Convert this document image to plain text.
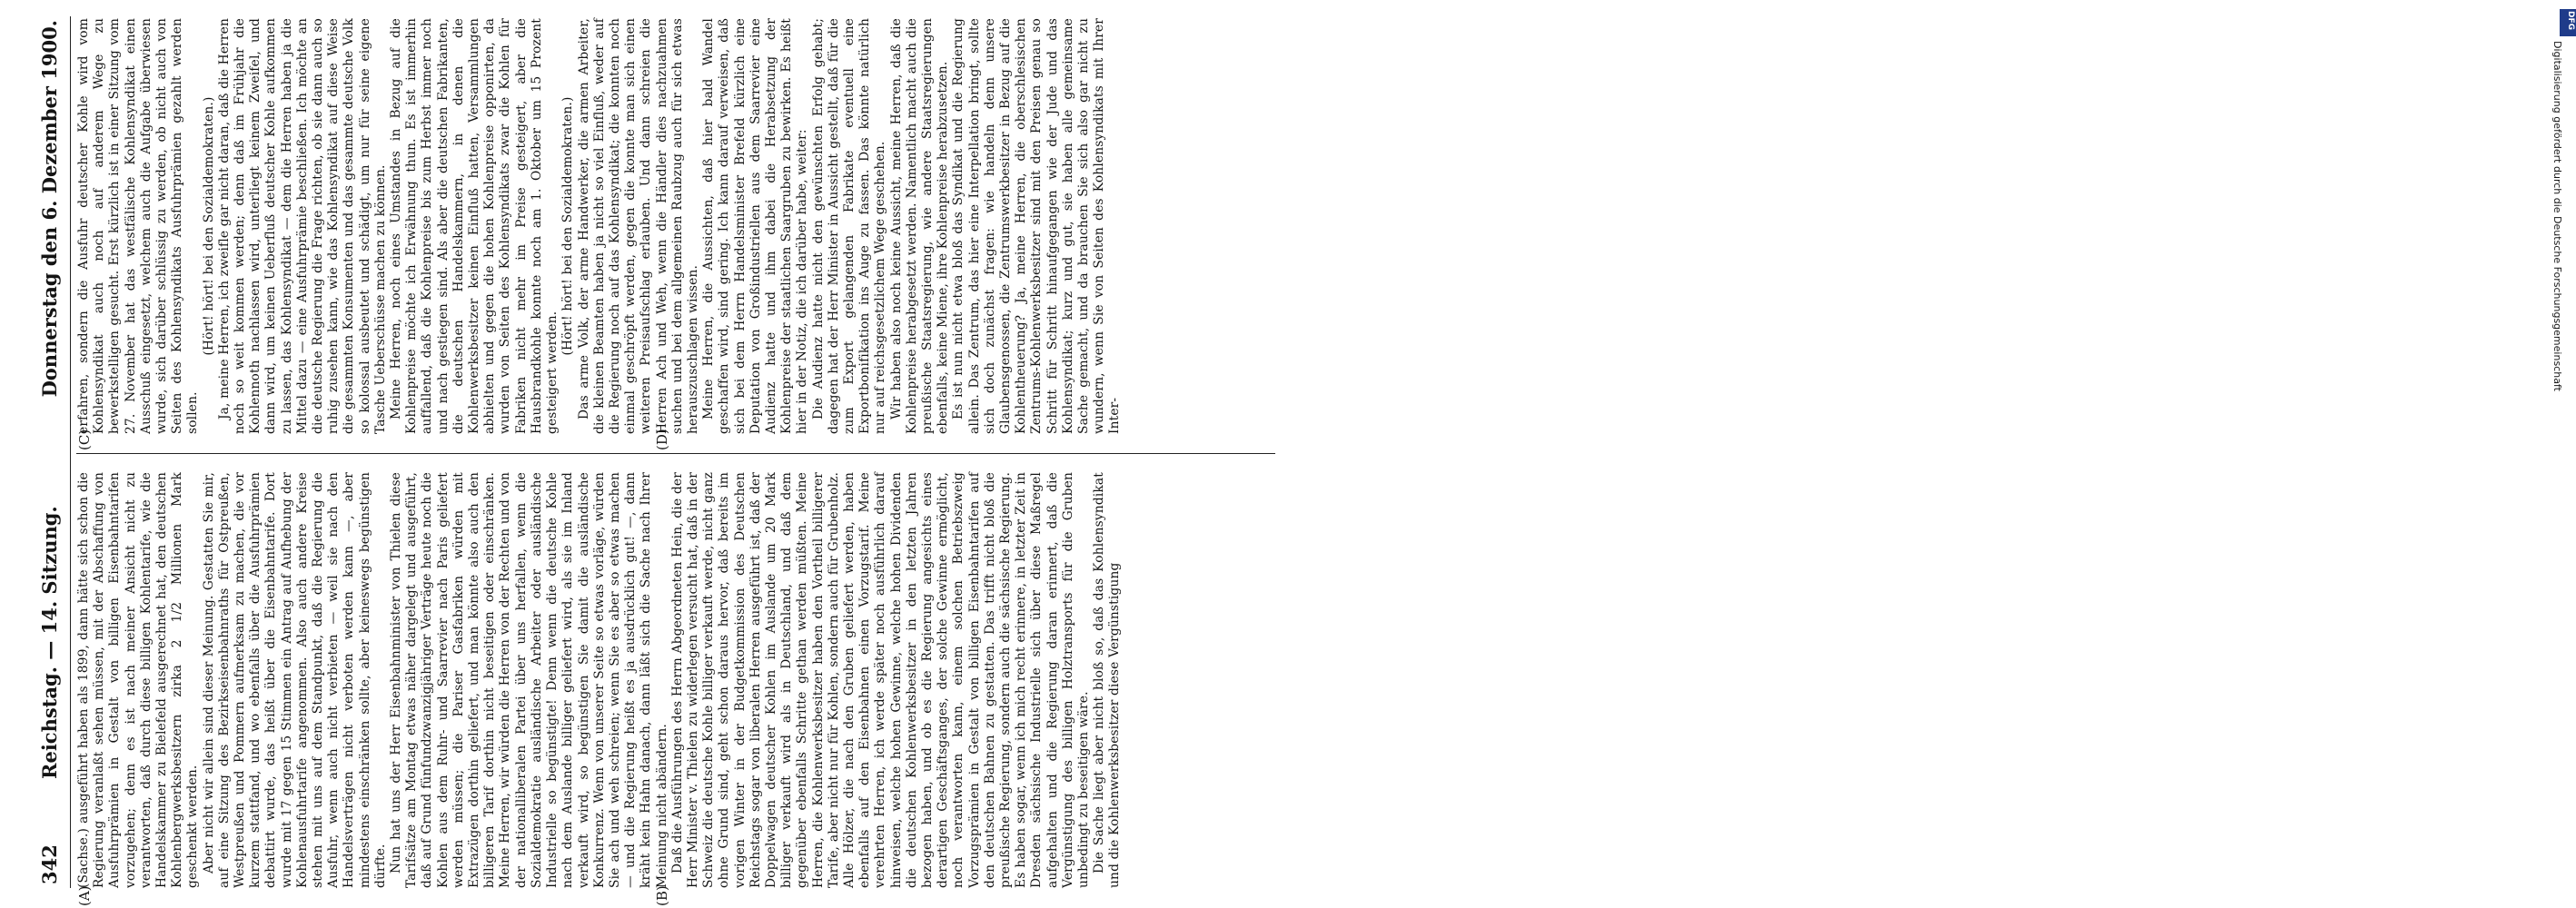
342
Reichstag. — 14. Sitzung.
Donnerstag den 6. Dezember 1900.
(A)	(B)
(D)
(C)

(Sachse.) ausgeführt haben als 1899, dann hätte sich schon die Regierung veranlaßt sehen müssen, mit der Abschaffung von Ausfuhrprämien in Gestalt von billigen Eisenbahntarifen vorzugehen; denn es ist nach meiner Ansicht nicht zu verantworten, daß durch diese billigen Kohlentarife, wie die Handelskammer zu Bielefeld ausgerechnet hat, den deutschen Kohlenbergwerksbesitzern zirka 2 1/2 Millionen Mark geschenkt werden. Aber nicht wir allein sind dieser Meinung. Gestatten Sie mir, auf eine Sitzung des Bezirkseisenbahnraths für Ostpreußen, Westpreußen und Pommern aufmerksam zu machen, die vor kurzem stattfand, und wo ebenfalls über die Ausfuhrprämien debattirt wurde, das heißt über die Eisenbahntarife. Dort wurde mit 17 gegen 15 Stimmen ein Antrag auf Aufhebung der Kohlenausfuhrtarife angenommen. Also auch andere Kreise stehen mit uns auf dem Standpunkt, daß die Regierung die Ausfuhr, wenn auch nicht verbieten — weil sie nach den Handelsverträgen nicht verboten werden kann —, aber mindestens einschränken sollte, aber keineswegs begünstigen dürfte. Nun hat uns der Herr Eisenbahnminister von Thielen diese Tarifsätze am Montag etwas näher dargelegt und ausgeführt, daß auf Grund fünfundzwanzigjähriger Verträge heute noch die Kohlen aus dem Ruhr- und Saarrevier nach Paris geliefert werden müssen; die Pariser Gasfabriken würden mit Extrazügen dorthin geliefert, und man könnte also auch den billigeren Tarif dorthin nicht beseitigen oder einschränken. Meine Herren, wir würden die Herren von der Rechten und von der nationalliberalen Partei über uns herfallen, wenn die Sozialdemokratie ausländische Arbeiter oder ausländische Industrielle so begünstigte! Denn wenn die deutsche Kohle nach dem Auslande billiger geliefert wird, als sie im Inland verkauft wird, so begünstigen Sie damit die ausländische Konkurrenz. Wenn von unserer Seite so etwas vorläge, würden Sie ach und weh schreien; wenn Sie es aber so etwas machen — und die Regierung heißt es ja ausdrücklich gut! —, dann kräht kein Hahn danach, dann läßt sich die Sache nach Ihrer Meinung nicht abändern. Daß die Ausführungen des Herrn Abgeordneten Hein, die der Herr Minister v. Thielen zu widerlegen versucht hat, daß in der Schweiz die deutsche Kohle billiger verkauft werde, nicht ganz ohne Grund sind, geht schon daraus hervor, daß bereits im vorigen Winter in der Budgetkommission des Deutschen Reichstags sogar von liberalen Herren ausgeführt ist, daß der Doppelwagen deutscher Kohlen im Auslande um 20 Mark billiger verkauft wird als in Deutschland, und daß dem gegenüber ebenfalls Schritte gethan werden müßten. Meine Herren, die Kohlenwerksbesitzer haben den Vortheil billigerer Tarife, aber nicht nur für Kohlen, sondern auch für Grubenholz. Alle Hölzer, die nach den Gruben geliefert werden, haben ebenfalls auf den Eisenbahnen einen Vorzugstarif. Meine verehrten Herren, ich werde später noch ausführlich darauf hinweisen, welche hohen Gewinne, welche hohen Dividenden die deutschen Kohlenwerksbesitzer in den letzten Jahren bezogen haben, und ob es die Regierung angesichts eines derartigen Geschäftsganges, der solche Gewinne ermöglicht, noch verantworten kann, einem solchen Betriebszweig Vorzugsprämien in Gestalt von billigen Eisenbahntarifen auf den deutschen Bahnen zu gestatten. Das trifft nicht bloß die preußische Regierung, sondern auch die sächsische Regierung. Es haben sogar, wenn ich mich recht erinnere, in letzter Zeit in Dresden sächsische Industrielle sich über diese Maßregel aufgehalten und die Regierung daran erinnert, daß die Vergünstigung des billigen Holztransports für die Gruben unbedingt zu beseitigen wäre. Die Sache liegt aber nicht bloß so, daß das Kohlensyndikat und die Kohlenwerksbesitzer diese Vergünstigung

erfahren, sondern die Ausfuhr deutscher Kohle wird vom Kohlensyndikat auch noch auf anderem Wege zu bewerkstelligen gesucht. Erst kürzlich ist in einer Sitzung vom 27. November hat das westfälische Kohlensyndikat einen Ausschuß eingesetzt, welchem auch die Aufgabe überwiesen wurde, sich darüber schlüssig zu werden, ob nicht auch von Seiten des Kohlensyndikats Ausfuhrprämien gezahlt werden sollen.

(Hört! hört! bei den Sozialdemokraten.) Ja, meine Herren, ich zweifle gar nicht daran, daß die Herren noch so weit kommen werden; denn daß im Frühjahr die Kohlennoth nachlassen wird, unterliegt keinem Zweifel, und dann wird, um keinen Ueberfluß deutscher Kohle aufkommen zu lassen, das Kohlensyndikat — dem die Herren haben ja die Mittel dazu — eine Ausfuhrprämie beschließen. Ich möchte an die deutsche Regierung die Frage richten, ob sie dann auch so ruhig zusehen kann, wie das Kohlensyndikat auf diese Weise die gesammten Konsumenten und das gesammte deutsche Volk so kolossal ausbeutet und schädigt, um nur für seine eigene Tasche Ueberschüsse machen zu können. Meine Herren, noch eines Umstandes in Bezug auf die Kohlenpreise möchte ich Erwähnung thun. Es ist immerhin auffallend, daß die Kohlenpreise bis zum Herbst immer noch und nach gestiegen sind. Als aber die deutschen Fabrikanten, die deutschen Handelskammern, in denen die Kohlenwerksbesitzer keinen Einfluß hatten, Versammlungen abhielten und gegen die hohen Kohlenpreise opponirten, da wurden von Seiten des Kohlensyndikats zwar die Kohlen für Fabriken nicht mehr im Preise gesteigert, aber die Hausbrandkohle konnte noch am 1. Oktober um 15 Prozent gesteigert werden.

(Hört! hört! bei den Sozialdemokraten.) Das arme Volk, der arme Handwerker, die armen Arbeiter, die kleinen Beamten haben ja nicht so viel Einfluß, weder auf die Regierung noch auf das Kohlensyndikat; die konnten noch einmal geschröpft werden, gegen die konnte man sich einen weiteren Preisaufschlag erlauben. Und dann schreien die Herren Ach und Weh, wenn die Händler dies nachzuahmen suchen und bei dem allgemeinen Raubzug auch für sich etwas herauszuschlagen wissen. Meine Herren, die Aussichten, daß hier bald Wandel geschaffen wird, sind gering. Ich kann darauf verweisen, daß sich bei dem Herrn Handelsminister Brefeld kürzlich eine Deputation von Großindustriellen aus dem Saarrevier eine Audienz hatte und ihm dabei die Herabsetzung der Kohlenpreise der staatlichen Saargruben zu bewirken. Es heißt hier in der Notiz, die ich darüber habe, weiter: Die Audienz hatte nicht den gewünschten Erfolg gehabt; dagegen hat der Herr Minister in Aussicht gestellt, daß für die zum Export gelangenden Fabrikate eventuell eine Exportbonifikation ins Auge zu fassen. Das könnte natürlich nur auf reichsgesetzlichem Wege geschehen. Wir haben also noch keine Aussicht, meine Herren, daß die Kohlenpreise herabgesetzt werden. Namentlich macht auch die preußische Staatsregierung, wie andere Staatsregierungen ebenfalls, keine Miene, ihre Kohlenpreise herabzusetzen. Es ist nun nicht etwa bloß das Syndikat und die Regierung allein. Das Zentrum, das hier eine Interpellation bringt, sollte sich doch zunächst fragen: wie handeln denn unsere Glaubensgenossen, die Zentrumswerkbesitzer in Bezug auf die Kohlentheuerung? Ja, meine Herren, die oberschlesischen Zentrums-Kohlenwerksbesitzer sind mit den Preisen genau so Schritt für Schritt hinaufgegangen wie der Jude und das Kohlensyndikat; kurz und gut, sie haben alle gemeinsame Sache gemacht, und da brauchen Sie sich also gar nicht zu wundern, wenn Sie von Seiten des Kohlensyndikats mit Ihrer Inter-

DFG
Digitalisierung gefördert durch die Deutsche Forschungsgemeinschaft
